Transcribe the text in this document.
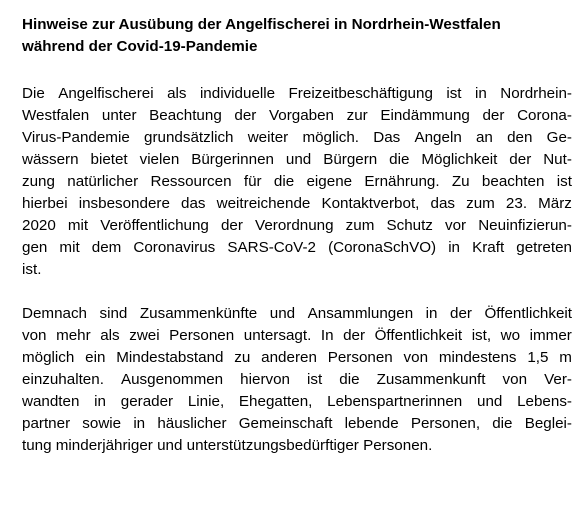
Hinweise zur Ausübung der Angelfischerei in Nordrhein-Westfalen
während der Covid-19-Pandemie
Die Angelfischerei als individuelle Freizeitbeschäftigung ist in Nordrhein-
Westfalen unter Beachtung der Vorgaben zur Eindämmung der Corona-
Virus-Pandemie grundsätzlich weiter möglich. Das Angeln an den Ge-
wässern bietet vielen Bürgerinnen und Bürgern die Möglichkeit der Nut-
zung natürlicher Ressourcen für die eigene Ernährung. Zu beachten ist
hierbei insbesondere das weitreichende Kontaktverbot, das zum 23. März
2020 mit Veröffentlichung der Verordnung zum Schutz vor Neuinfizierun-
gen mit dem Coronavirus SARS-CoV-2 (CoronaSchVO) in Kraft getreten
ist.
Demnach sind Zusammenkünfte und Ansammlungen in der Öffentlichkeit
von mehr als zwei Personen untersagt. In der Öffentlichkeit ist, wo immer
möglich ein Mindestabstand zu anderen Personen von mindestens 1,5 m
einzuhalten. Ausgenommen hiervon ist die Zusammenkunft von Ver-
wandten in gerader Linie, Ehegatten, Lebenspartnerinnen und Lebens-
partner sowie in häuslicher Gemeinschaft lebende Personen, die Beglei-
tung minderjähriger und unterstützungsbedürftiger Personen.
